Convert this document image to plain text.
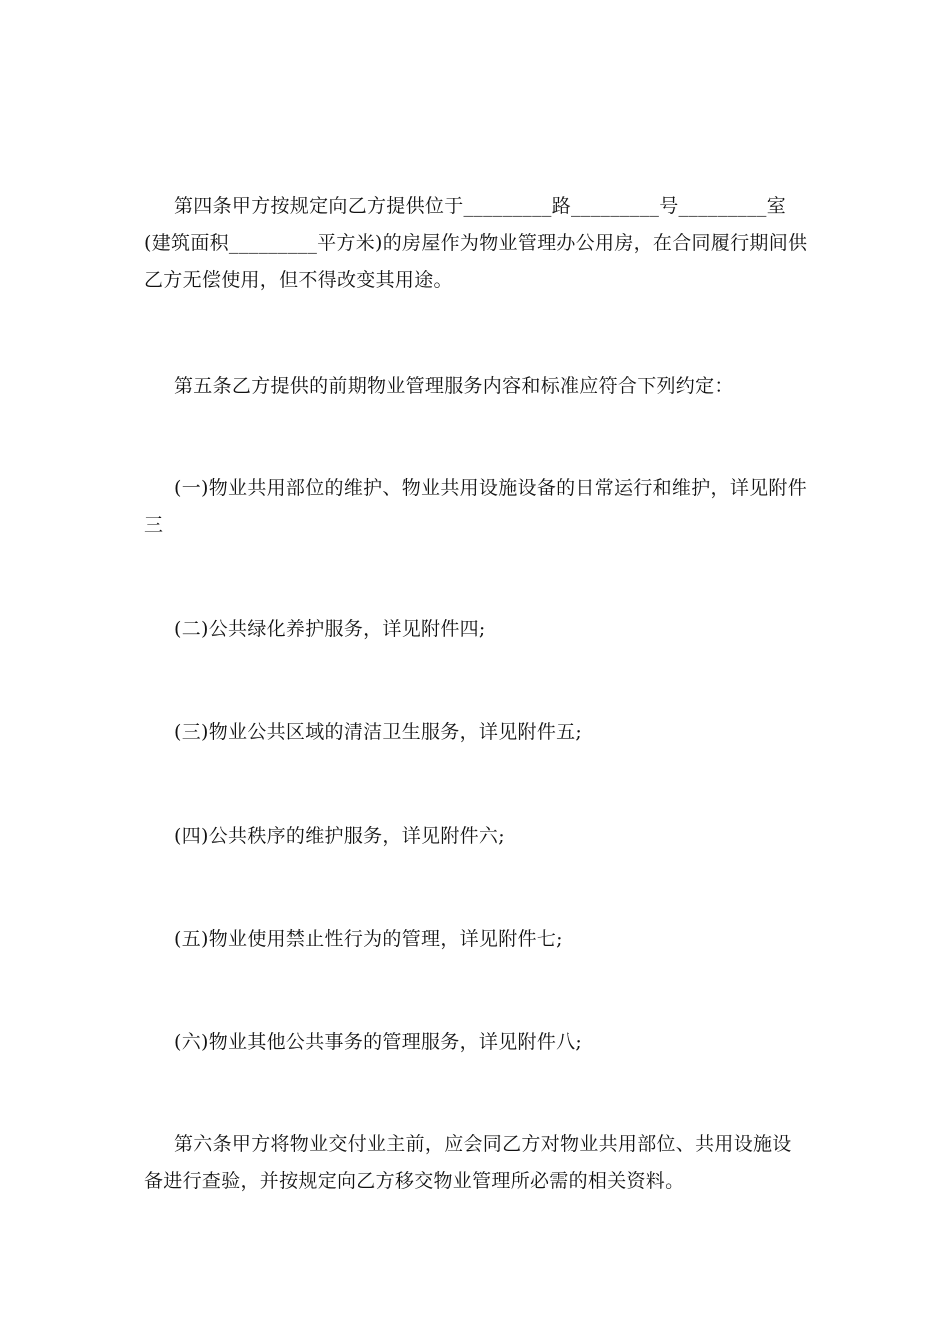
第四条甲方按规定向乙方提供位于_________路_________号_________室(建筑面积_________平方米)的房屋作为物业管理办公用房，在合同履行期间供乙方无偿使用，但不得改变其用途。

第五条乙方提供的前期物业管理服务内容和标准应符合下列约定：

(一)物业共用部位的维护、物业共用设施设备的日常运行和维护，详见附件三

(二)公共绿化养护服务，详见附件四;

(三)物业公共区域的清洁卫生服务，详见附件五;

(四)公共秩序的维护服务，详见附件六;

(五)物业使用禁止性行为的管理，详见附件七;

(六)物业其他公共事务的管理服务，详见附件八;

第六条甲方将物业交付业主前，应会同乙方对物业共用部位、共用设施设备进行查验，并按规定向乙方移交物业管理所必需的相关资料。
